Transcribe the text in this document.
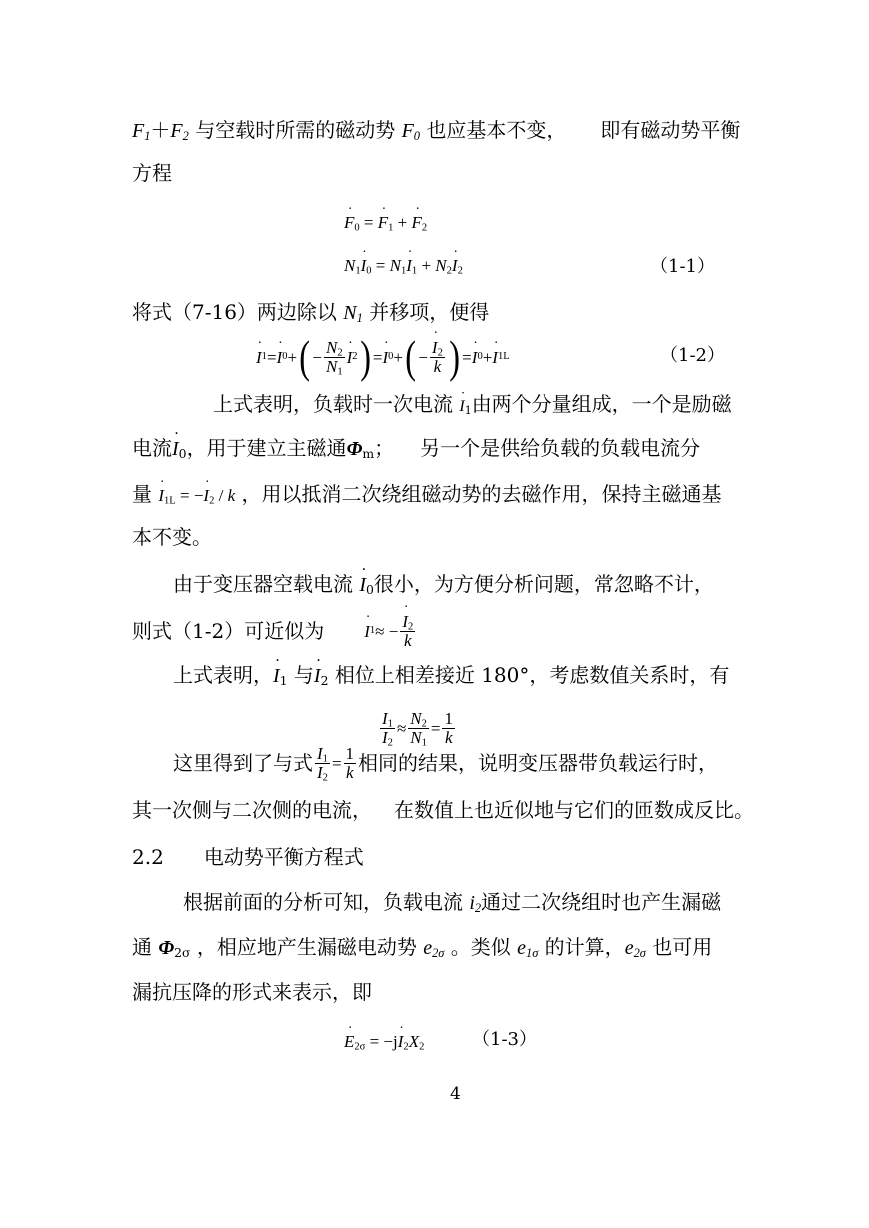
$F_1+F_2$ 与空载时所需的磁动势 $F_0$ 也应基本不变， 即有磁动势平衡
方程
F $˙_0 = F$ $˙_1 + F$ $˙_2$
$N_1I$ $˙_0 = N_1I$ $˙_1 + N_2I$ $˙_2$	（1-1）
将式（7-16）两边除以 $N_1$ 并移项，便得
I ˙ 1 = I ˙ 0 + ( − $\frac{N_2}{N_1}$ I ˙ 2 ) = I ˙ 0 + ( − $\frac{I ˙_2}{k}$ ) = I ˙ 0 + I ˙ 1L	（1-2）
上式表明，负载时一次电流 I $˙_1$由两个分量组成，一个是励磁
电流I $˙_0$，用于建立主磁通$\Phi_m$； 另一个是供给负载的负载电流分
量 I $˙_{1L} = -I$ $˙_2$ / k ，用以抵消二次绕组磁动势的去磁作用，保持主磁通基
本不变。
由于变压器空载电流 I $˙_0$很小，为方便分析问题，常忽略不计，
则式（1-2）可近似为 I ˙ 1 ≈ − $\frac{I ˙_2}{k}$
上式表明，I $˙_1$ 与I $˙_2$ 相位上相差接近 180°，考虑数值关系时，有
$\frac{I_1}{I_2} \approx \frac{N_2}{N_1} = \frac{1}{k}$
这里得到了与式 $\frac{I_1}{I_2} = \frac{1}{k}$ 相同的结果，说明变压器带负载运行时，
其一次侧与二次侧的电流， 在数值上也近似地与它们的匝数成反比。
2.2 电动势平衡方程式
根据前面的分析可知，负载电流 $i_2$通过二次绕组时也产生漏磁
通 $\Phi_{2\sigma}$ ，相应地产生漏磁电动势 $e_{2\sigma}$ 。类似 $e_{1\sigma}$ 的计算，$e_{2\sigma}$ 也可用
漏抗压降的形式来表示，即
E $˙_{2\sigma} = -jI$ $˙_2X_2$	（1-3）
4
